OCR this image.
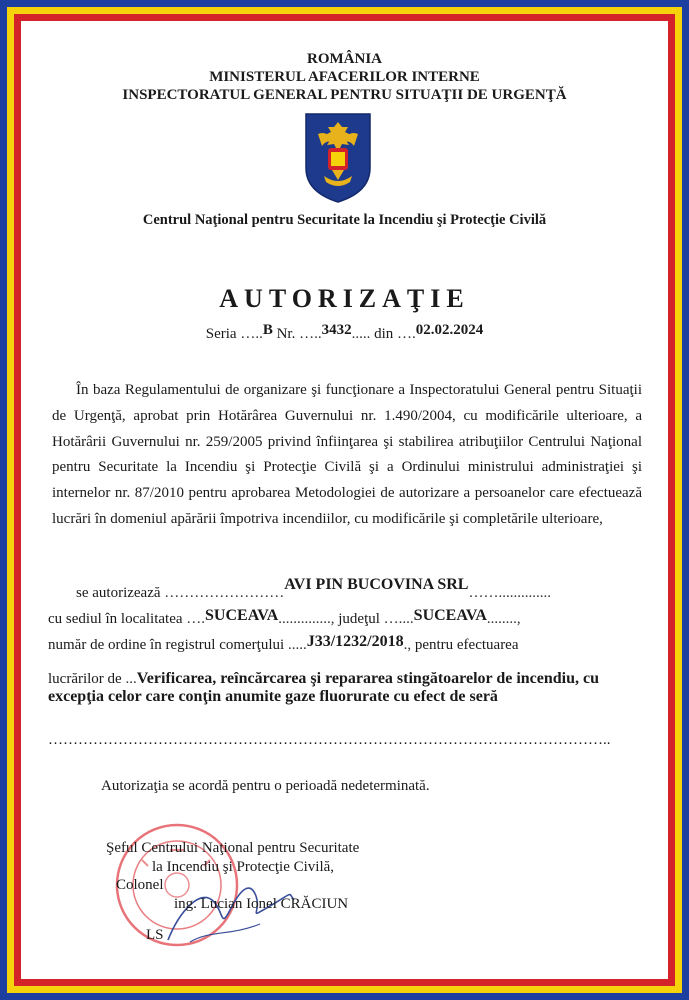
ROMÂNIA
MINISTERUL AFACERILOR INTERNE
INSPECTORATUL GENERAL PENTRU SITUAŢII DE URGENŢĂ
Centrul Naţional pentru Securitate la Incendiu şi Protecţie Civilă
AUTORIZAŢIE
Seria …..B Nr. …..3432..... din ….02.02.2024

În baza Regulamentului de organizare şi funcţionare a Inspectoratului General pentru Situaţii de Urgenţă, aprobat prin Hotărârea Guvernului nr. 1.490/2004, cu modificările ulterioare, a Hotărârii Guvernului nr. 259/2005 privind înfiinţarea şi stabilirea atribuţiilor Centrului Naţional pentru Securitate la Incendiu şi Protecţie Civilă şi a Ordinului ministrului administraţiei şi internelor nr. 87/2010 pentru aprobarea Metodologiei de autorizare a persoanelor care efectuează lucrări în domeniul apărării împotriva incendiilor, cu modificările şi completările ulterioare,

se autorizează ……………………AVI PIN BUCOVINA SRL……..............
cu sediul în localitatea ….SUCEAVA.............., judeţul …....SUCEAVA........,
număr de ordine în registrul comerţului .....J33/1232/2018., pentru efectuarea
lucrărilor de ...Verificarea, reîncărcarea şi repararea stingătoarelor de incendiu, cu excepţia celor care conţin anumite gaze fluorurate cu efect de seră
…………………………………………………………………………………………………..
Autorizaţia se acordă pentru o perioadă nedeterminată.
Şeful Centrului Naţional pentru Securitate
la Incendiu şi Protecţie Civilă,
Colonel
ing. Lucian Ionel CRĂCIUN
LS
